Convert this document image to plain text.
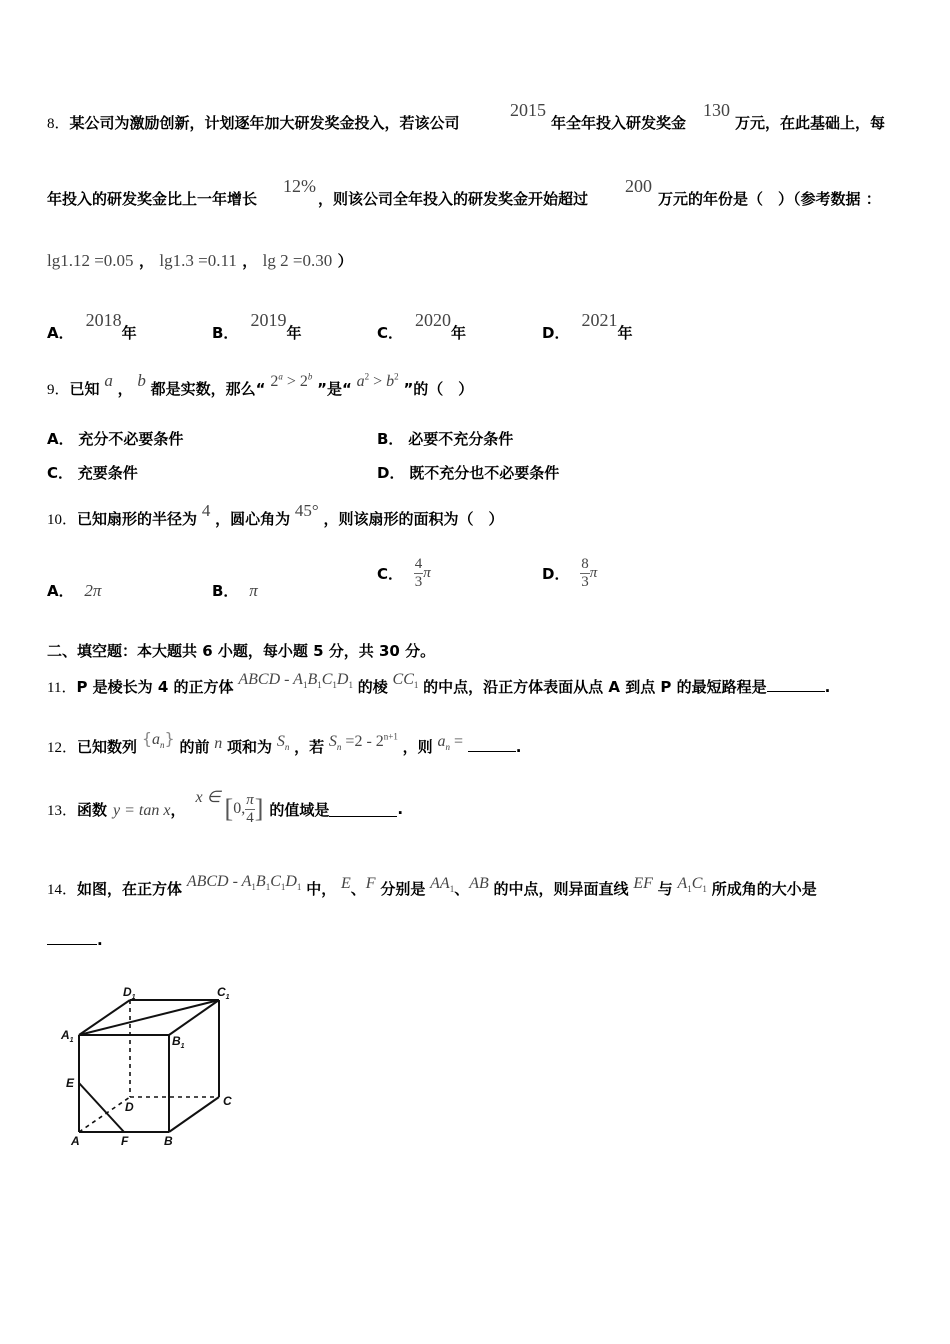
8．某公司为激励创新，计划逐年加大研发奖金投入，若该公司
2015
年全年投入研发奖金
130
万元，在此基础上，每
年投入的研发奖金比上一年增长
12%
，则该公司全年投入的研发奖金开始超过
200
万元的年份是（　）（参考数据 ：
lg1.12 =0.05 ， lg1.3 =0.11 ， lg 2 =0.30 ）
A．2018年	B．2019年	C．2020年	D．2021年
9．已知 a ， b 都是实数，那么“ $2^a > 2^b$ ”是“ $a^2 > b^2$ ”的（　）
A． 充分不必要条件	B． 必要不充分条件
C． 充要条件	D． 既不充分也不必要条件
10．已知扇形的半径为 4 ，圆心角为 45° ，则该扇形的面积为（　）
A． 2π	B． π
C． $\frac{4}{3}$ π	D． $\frac{8}{3}$ π
二、填空题：本大题共 6 小题，每小题 5 分，共 30 分。
11．P 是棱长为 4 的正方体 ABCD - $A_1B_1C_1D_1$ 的棱 $CC_1$ 的中点，沿正方体表面从点 A 到点 P 的最短路程是	.
12．已知数列 $\{a_n\}$ 的前 n 项和为 $S_n$ ，若 $S_n =2 - 2^{n+1}$ ，则 $a_n$ =	.
13． 函数 y = tan x ，
x ∈ [ 0, $\frac{\pi}{4}$ ] 的值域是	.
14．如图，在正方体 ABCD - $A_1B_1C_1D_1$ 中， E、F 分别是 $AA_1$、AB 的中点，则异面直线 EF 与 $A_1C_1$ 所成角的大小是
.
$D_1$	$C_1$
$A_1$	$B_1$
E
D	C
A	F	B
